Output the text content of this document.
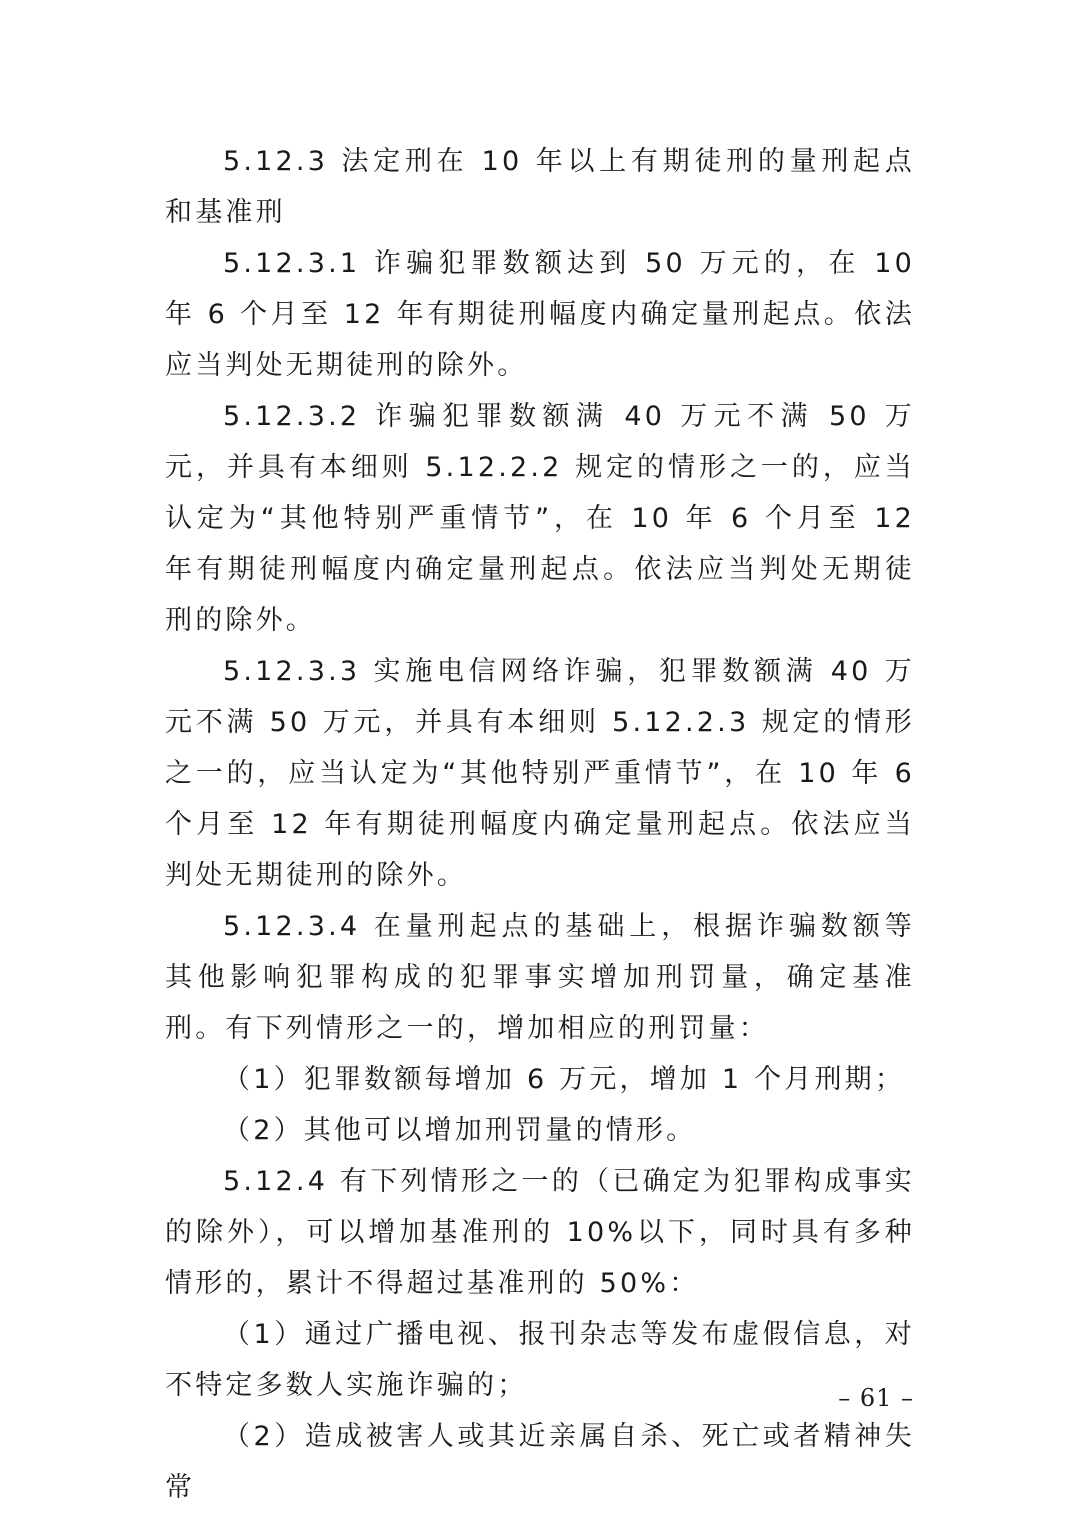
5.12.3 法定刑在 10 年以上有期徒刑的量刑起点和基准刑

5.12.3.1 诈骗犯罪数额达到 50 万元的，在 10 年 6 个月至 12 年有期徒刑幅度内确定量刑起点。依法应当判处无期徒刑的除外。

5.12.3.2 诈骗犯罪数额满 40 万元不满 50 万元，并具有本细则 5.12.2.2 规定的情形之一的，应当认定为“其他特别严重情节”，在 10 年 6 个月至 12 年有期徒刑幅度内确定量刑起点。依法应当判处无期徒刑的除外。

5.12.3.3 实施电信网络诈骗，犯罪数额满 40 万元不满 50 万元，并具有本细则 5.12.2.3 规定的情形之一的，应当认定为“其他特别严重情节”，在 10 年 6 个月至 12 年有期徒刑幅度内确定量刑起点。依法应当判处无期徒刑的除外。

5.12.3.4 在量刑起点的基础上，根据诈骗数额等其他影响犯罪构成的犯罪事实增加刑罚量，确定基准刑。有下列情形之一的，增加相应的刑罚量：

（1）犯罪数额每增加 6 万元，增加 1 个月刑期；

（2）其他可以增加刑罚量的情形。

5.12.4 有下列情形之一的（已确定为犯罪构成事实的除外），可以增加基准刑的 10%以下，同时具有多种情形的，累计不得超过基准刑的 50%：

（1）通过广播电视、报刊杂志等发布虚假信息，对不特定多数人实施诈骗的；

（2）造成被害人或其近亲属自杀、死亡或者精神失常

– 61 –
